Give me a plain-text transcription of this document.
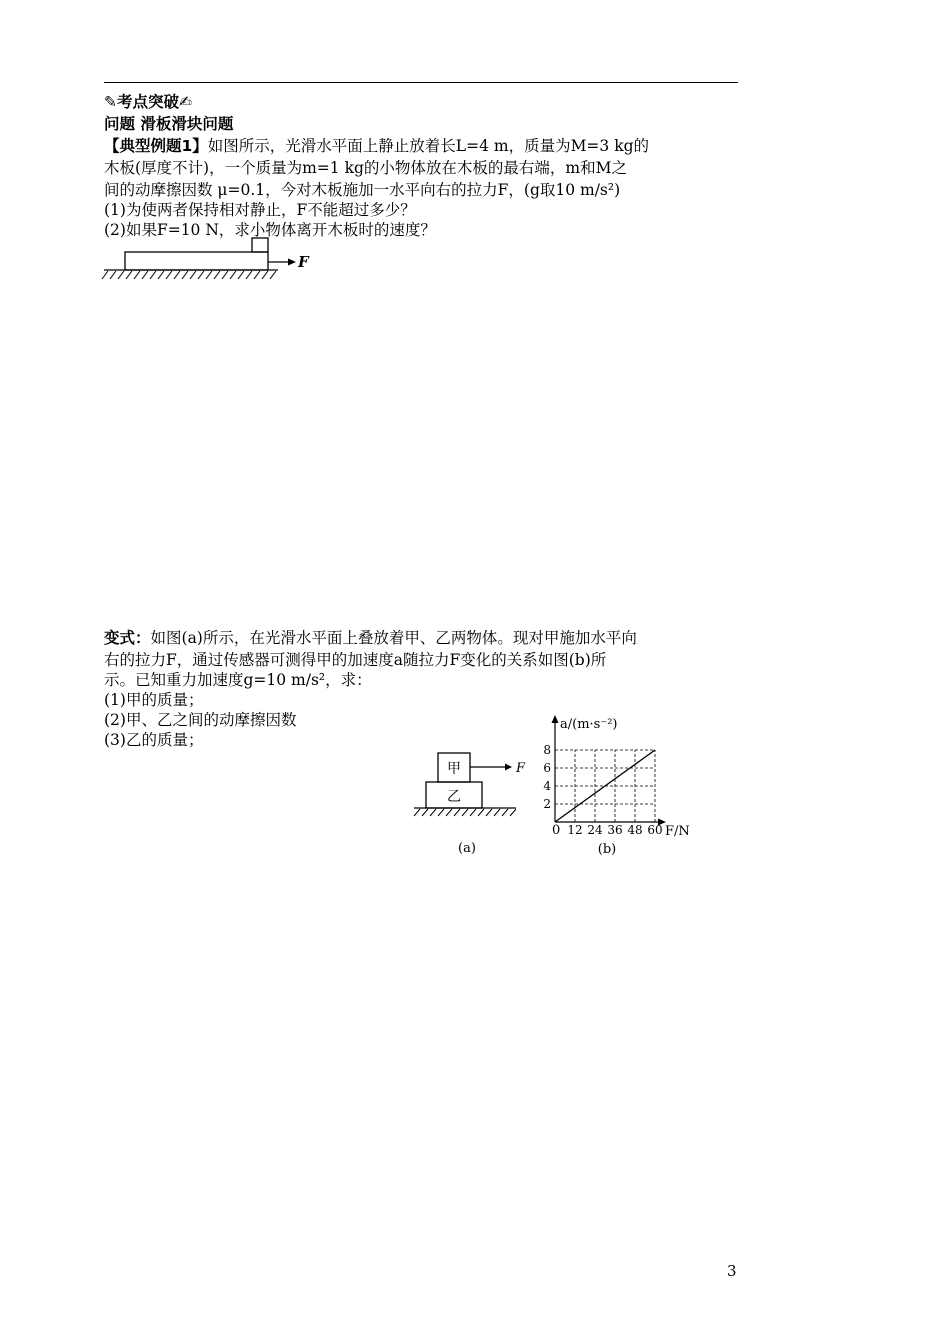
✎考点突破✍
问题 滑板滑块问题
【典型例题1】如图所示，光滑水平面上静止放着长L=4 m，质量为M=3 kg的
木板(厚度不计)，一个质量为m=1 kg的小物体放在木板的最右端，m和M之
间的动摩擦因数 μ=0.1，今对木板施加一水平向右的拉力F，(g取10 m/s²)
(1)为使两者保持相对静止，F不能超过多少？
(2)如果F=10 N，求小物体离开木板时的速度？
F
变式：如图(a)所示，在光滑水平面上叠放着甲、乙两物体。现对甲施加水平向
右的拉力F，通过传感器可测得甲的加速度a随拉力F变化的关系如图(b)所
示。已知重力加速度g=10 m/s²，求：
(1)甲的质量；
(2)甲、乙之间的动摩擦因数
(3)乙的质量；
甲
乙
F
(a)
a/(m·s⁻²)
F/N
0 12 24 36 48 60
2
4
6
8
(b)
3
